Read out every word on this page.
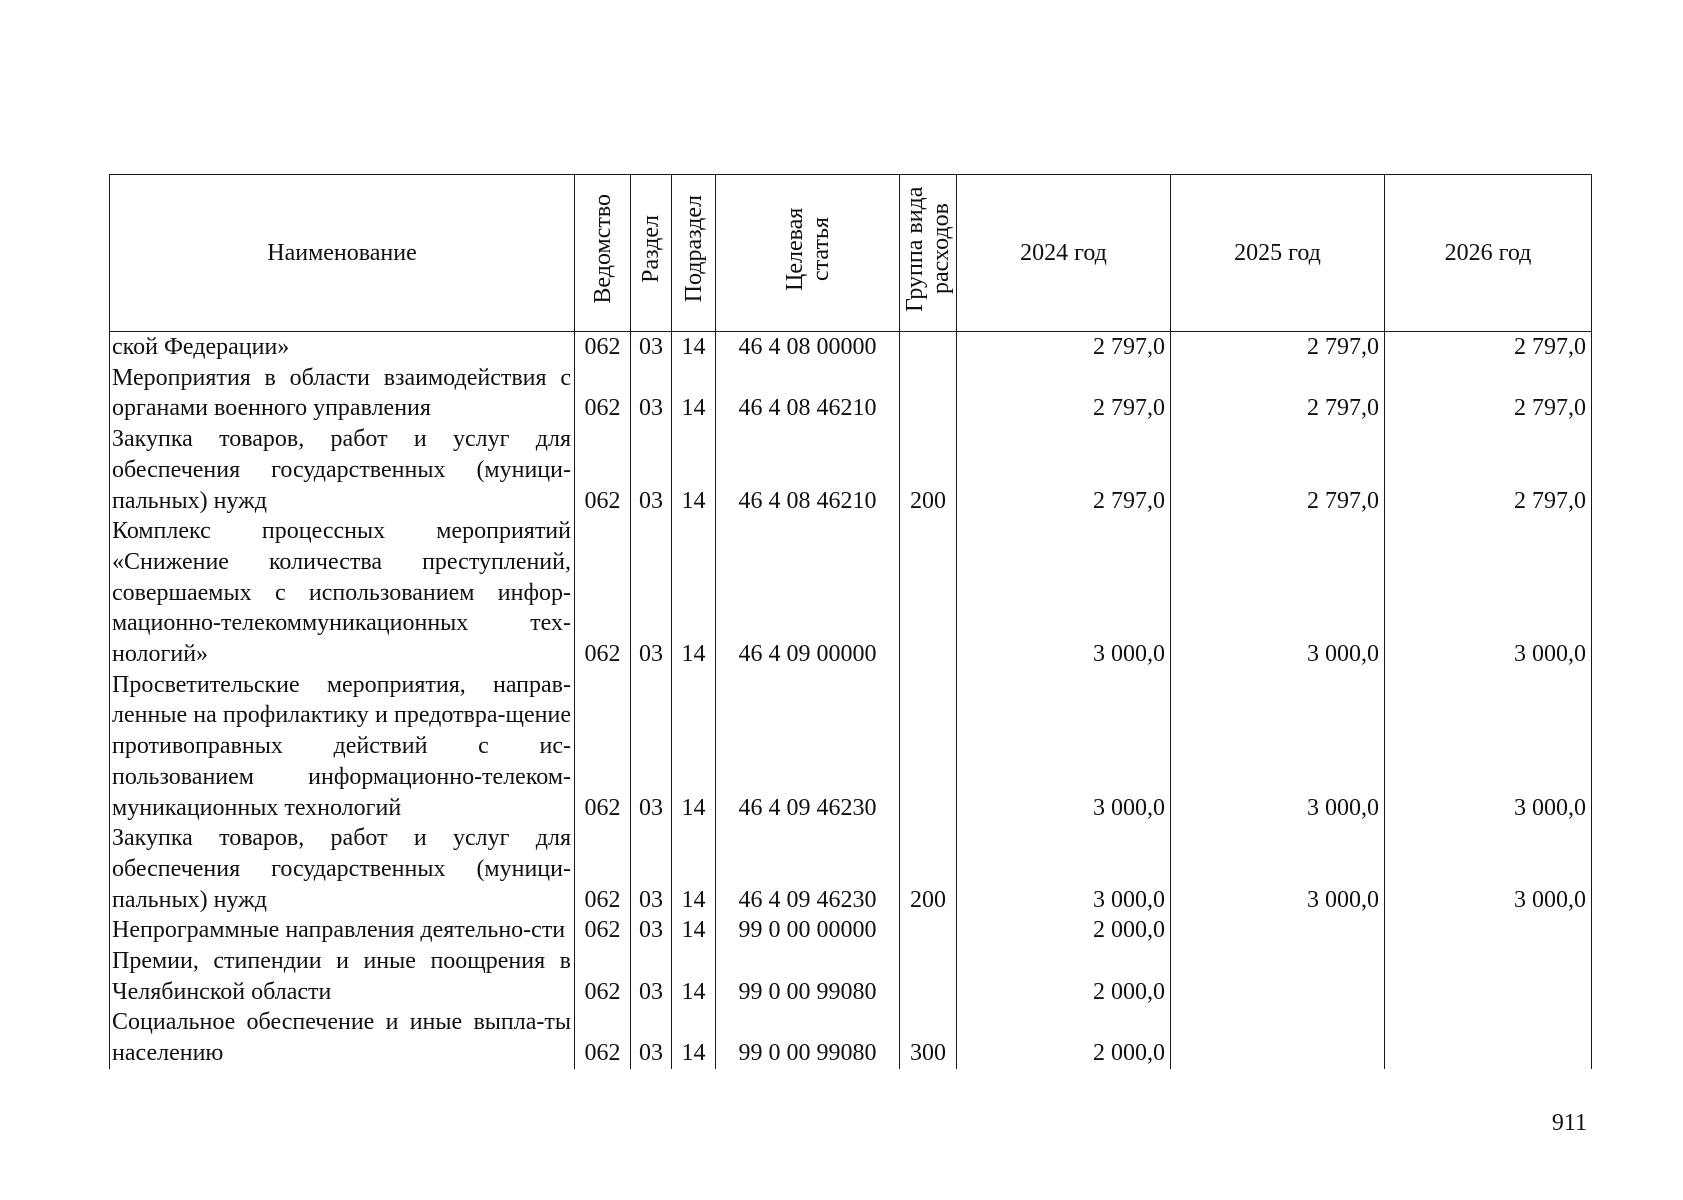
Наименование	Ведомство	Раздел	Подраздел	Целевая статья	Группа вида расходов	2024 год	2025 год	2026 год
ской Федерации»	062	03	14	46 4 08 00000		2 797,0	2 797,0	2 797,0
Мероприятия в области взаимодействия с органами военного управления	062	03	14	46 4 08 46210		2 797,0	2 797,0	2 797,0
Закупка товаров, работ и услуг для обеспечения государственных (муници-пальных) нужд	062	03	14	46 4 08 46210	200	2 797,0	2 797,0	2 797,0
Комплекс процессных мероприятий «Снижение количества преступлений, совершаемых с использованием инфор-мационно-телекоммуникационных тех-нологий»	062	03	14	46 4 09 00000		3 000,0	3 000,0	3 000,0
Просветительские мероприятия, направ-ленные на профилактику и предотвра-щение противоправных действий с ис-пользованием информационно-телеком-муникационных технологий	062	03	14	46 4 09 46230		3 000,0	3 000,0	3 000,0
Закупка товаров, работ и услуг для обеспечения государственных (муници-пальных) нужд	062	03	14	46 4 09 46230	200	3 000,0	3 000,0	3 000,0
Непрограммные направления деятельно-сти	062	03	14	99 0 00 00000		2 000,0		
Премии, стипендии и иные поощрения в Челябинской области	062	03	14	99 0 00 99080		2 000,0		
Социальное обеспечение и иные выпла-ты населению	062	03	14	99 0 00 99080	300	2 000,0		
911
